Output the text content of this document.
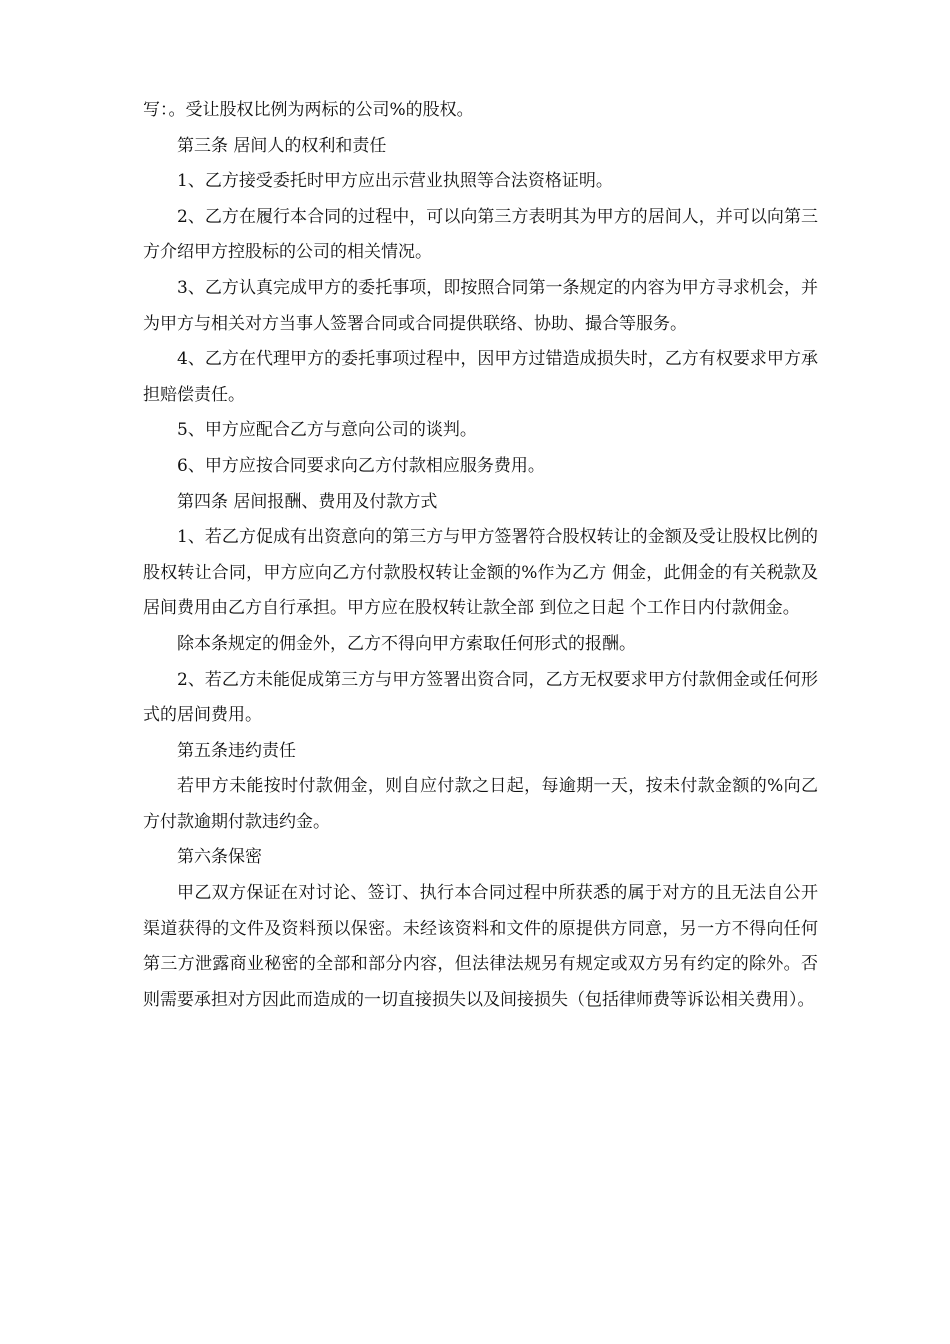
写：。受让股权比例为两标的公司%的股权。

第三条 居间人的权利和责任

1、乙方接受委托时甲方应出示营业执照等合法资格证明。

2、乙方在履行本合同的过程中，可以向第三方表明其为甲方的居间人，并可以向第三方介绍甲方控股标的公司的相关情况。

3、乙方认真完成甲方的委托事项，即按照合同第一条规定的内容为甲方寻求机会，并为甲方与相关对方当事人签署合同或合同提供联络、协助、撮合等服务。

4、乙方在代理甲方的委托事项过程中，因甲方过错造成损失时，乙方有权要求甲方承担赔偿责任。

5、甲方应配合乙方与意向公司的谈判。

6、甲方应按合同要求向乙方付款相应服务费用。

第四条 居间报酬、费用及付款方式

1、若乙方促成有出资意向的第三方与甲方签署符合股权转让的金额及受让股权比例的股权转让合同，甲方应向乙方付款股权转让金额的%作为乙方 佣金，此佣金的有关税款及居间费用由乙方自行承担。甲方应在股权转让款全部 到位之日起 个工作日内付款佣金。

除本条规定的佣金外，乙方不得向甲方索取任何形式的报酬。

2、若乙方未能促成第三方与甲方签署出资合同，乙方无权要求甲方付款佣金或任何形式的居间费用。

第五条违约责任

若甲方未能按时付款佣金，则自应付款之日起，每逾期一天，按未付款金额的%向乙方付款逾期付款违约金。

第六条保密

甲乙双方保证在对讨论、签订、执行本合同过程中所获悉的属于对方的且无法自公开渠道获得的文件及资料预以保密。未经该资料和文件的原提供方同意，另一方不得向任何第三方泄露商业秘密的全部和部分内容，但法律法规另有规定或双方另有约定的除外。否则需要承担对方因此而造成的一切直接损失以及间接损失（包括律师费等诉讼相关费用）。
